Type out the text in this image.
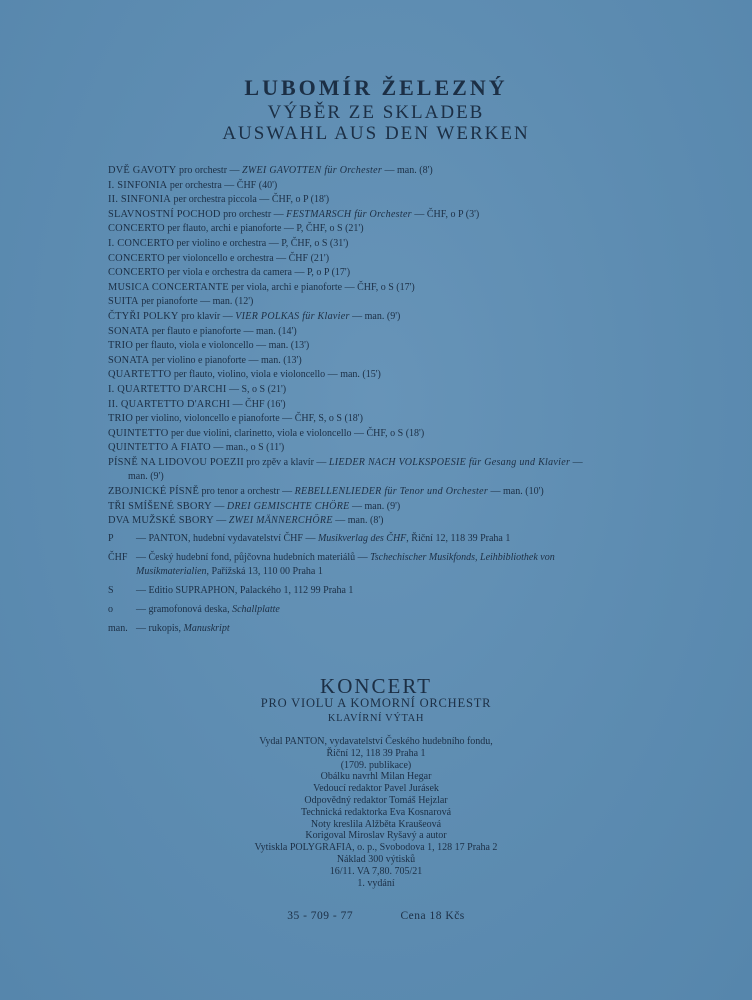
LUBOMÍR ŽELEZNÝ
VÝBĚR ZE SKLADEB
AUSWAHL AUS DEN WERKEN
DVĚ GAVOTY pro orchestr — ZWEI GAVOTTEN für Orchester — man. (8')
I. SINFONIA per orchestra — ČHF (40')
II. SINFONIA per orchestra piccola — ČHF, o P (18')
SLAVNOSTNÍ POCHOD pro orchestr — FESTMARSCH für Orchester — ČHF, o P (3')
CONCERTO per flauto, archi e pianoforte — P, ČHF, o S (21')
I. CONCERTO per violino e orchestra — P, ČHF, o S (31')
CONCERTO per violoncello e orchestra — ČHF (21')
CONCERTO per viola e orchestra da camera — P, o P (17')
MUSICA CONCERTANTE per viola, archi e pianoforte — ČHF, o S (17')
SUITA per pianoforte — man. (12')
ČTYŘI POLKY pro klavír — VIER POLKAS für Klavier — man. (9')
SONATA per flauto e pianoforte — man. (14')
TRIO per flauto, viola e violoncello — man. (13')
SONATA per violino e pianoforte — man. (13')
QUARTETTO per flauto, violino, viola e violoncello — man. (15')
I. QUARTETTO D'ARCHI — S, o S (21')
II. QUARTETTO D'ARCHI — ČHF (16')
TRIO per violino, violoncello e pianoforte — ČHF, S, o S (18')
QUINTETTO per due violini, clarinetto, viola e violoncello — ČHF, o S (18')
QUINTETTO A FIATO — man., o S (11')
PÍSNĚ NA LIDOVOU POEZII pro zpěv a klavír — LIEDER NACH VOLKSPOESIE für Gesang und Klavier —
man. (9')
ZBOJNICKÉ PÍSNĚ pro tenor a orchestr — REBELLENLIEDER für Tenor und Orchester — man. (10')
TŘI SMÍŠENÉ SBORY — DREI GEMISCHTE CHÖRE — man. (9')
DVA MUŽSKÉ SBORY — ZWEI MÄNNERCHÖRE — man. (8')
P	— PANTON, hudební vydavatelství ČHF — Musikverlag des ČHF, Řiční 12, 118 39 Praha 1
ČHF — Český hudební fond, půjčovna hudebních materiálů — Tschechischer Musikfonds, Leihbibliothek von Musikmaterialien, Pařížská 13, 110 00 Praha 1
S	— Editio SUPRAPHON, Palackého 1, 112 99 Praha 1
o	— gramofonová deska, Schallplatte
man. — rukopis, Manuskript
KONCERT
PRO VIOLU A KOMORNÍ ORCHESTR
KLAVÍRNÍ VÝTAH
Vydal PANTON, vydavatelství Českého hudebního fondu,
Řiční 12, 118 39 Praha 1
(1709. publikace)
Obálku navrhl Milan Hegar
Vedoucí redaktor Pavel Jurásek
Odpovědný redaktor Tomáš Hejzlar
Technická redaktorka Eva Kosnarová
Noty kreslila Alžběta Kraušeová
Korigoval Miroslav Ryšavý a autor
Vytiskla POLYGRAFIA, o. p., Svobodova 1, 128 17 Praha 2
Náklad 300 výtisků
16/11. VA 7,80. 705/21
1. vydání
35 - 709 - 77	Cena 18 Kčs
